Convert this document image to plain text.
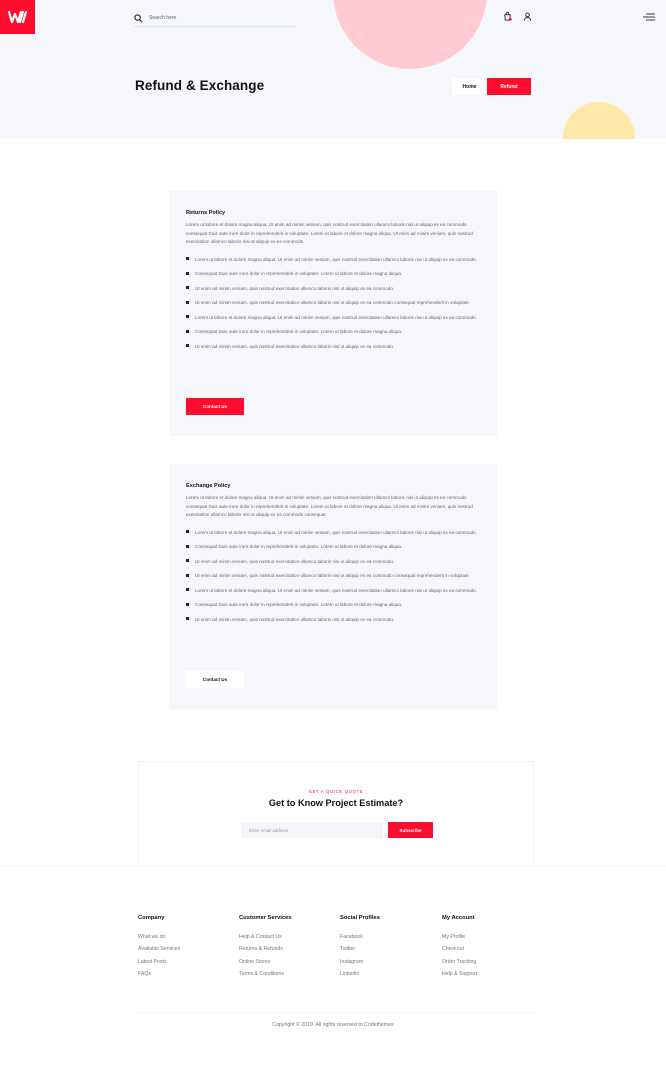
Search here
Refund & Exchange	Home	Refund
Returns Policy

Lorem ut labore et dolore magna aliqua. Ut enim ad minim veniam, quis nostrud exercitation ullamco laboris nisi ut aliquip ex ea commodo consequat Duis aute irure dolor in reprehenderit in voluptate. Lorem ut labore et dolore magna aliqua. Ut enim ad minim veniam, quis nostrud exercitation ullamco laboris nisi ut aliquip ex ea commodo

Lorem ut labore et dolore magna aliqua. Ut enim ad minim veniam, quis nostrud exercitation ullamco laboris nisi ut aliquip ex ea commodo.
Consequat Duis aute irure dolor in reprehenderit in voluptate. Lorem ut labore et dolore magna aliqua.
Ut enim ad minim veniam, quis nostrud exercitation ullamco laboris nisi ut aliquip ex ea commodo.
Ut enim ad minim veniam, quis nostrud exercitation ullamco laboris nisi ut aliquip ex ea commodo consequat reprehenderit in voluptate.
Lorem ut labore et dolore magna aliqua. Ut enim ad minim veniam, quis nostrud exercitation ullamco laboris nisi ut aliquip ex ea commodo.
Consequat Duis aute irure dolor in reprehenderit in voluptate. Lorem ut labore et dolore magna aliqua.
Ut enim ad minim veniam, quis nostrud exercitation ullamco laboris nisi ut aliquip ex ea commodo.
Contact Us
Exchange Policy

Lorem ut labore et dolore magna aliqua. Ut enim ad minim veniam, quis nostrud exercitation ullamco laboris nisi ut aliquip ex ea commodo consequat Duis aute irure dolor in reprehenderit in voluptate. Lorem ut labore et dolore magna aliqua. Ut enim ad minim veniam, quis nostrud exercitation ullamco laboris nisi ut aliquip ex ea commodo consequat

Lorem ut labore et dolore magna aliqua. Ut enim ad minim veniam, quis nostrud exercitation ullamco laboris nisi ut aliquip ex ea commodo.
Consequat Duis aute irure dolor in reprehenderit in voluptate. Lorem ut labore et dolore magna aliqua.
Ut enim ad minim veniam, quis nostrud exercitation ullamco laboris nisi ut aliquip ex ea commodo.
Ut enim ad minim veniam, quis nostrud exercitation ullamco laboris nisi ut aliquip ex ea commodo consequat reprehenderit in voluptate.
Lorem ut labore et dolore magna aliqua. Ut enim ad minim veniam, quis nostrud exercitation ullamco laboris nisi ut aliquip ex ea commodo.
Consequat Duis aute irure dolor in reprehenderit in voluptate. Lorem ut labore et dolore magna aliqua.
Ut enim ad minim veniam, quis nostrud exercitation ullamco laboris nisi ut aliquip ex ea commodo.
Contact Us
GET A QUICK QUOTE
Get to Know Project Estimate?
Enter email address
Subscribe
Company
What we do
Available Services
Latest Posts
FAQs
Customer Services
Help & Contact Us
Returns & Refunds
Online Stores
Terms & Conditions
Social Profiles
Facebook
Twitter
Instagram
Linkedin
My Account
My Profile
Checkout
Order Tracking
Help & Support
Copyright © 2019. All rights reserved to Codethemes
